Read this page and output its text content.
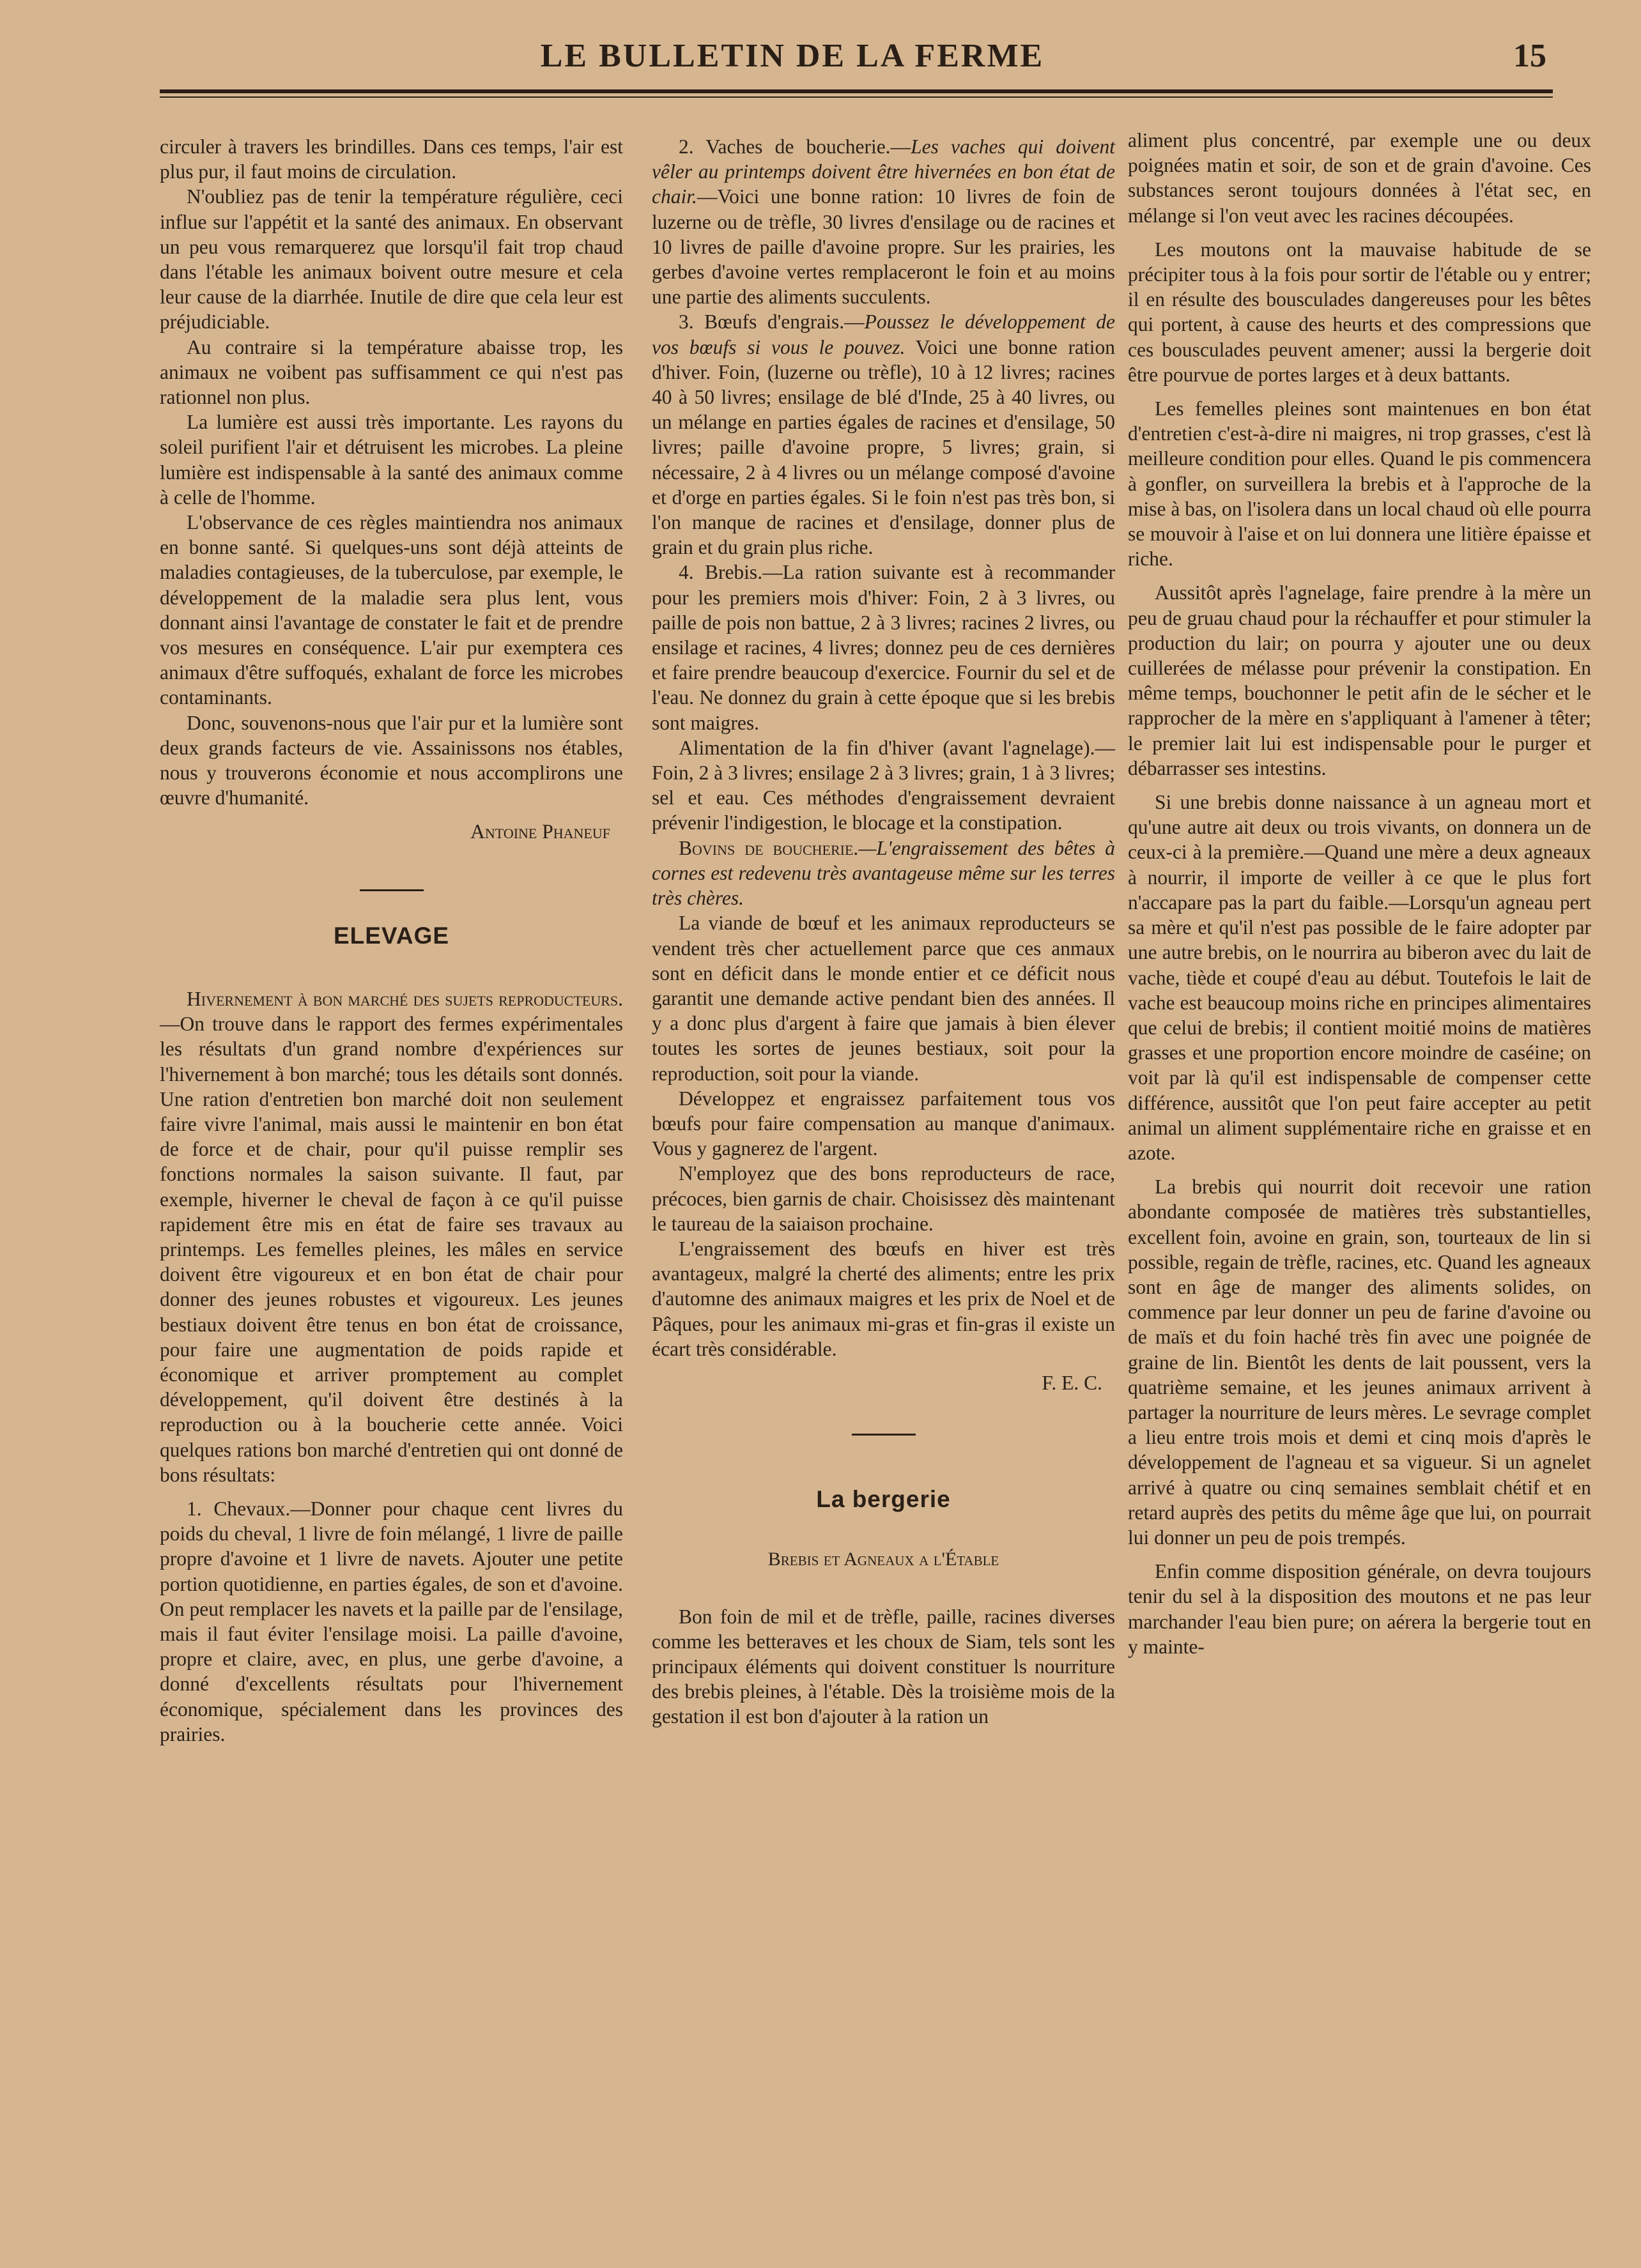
LE BULLETIN DE LA FERME	15

circuler à travers les brindilles. Dans ces temps, l'air est plus pur, il faut moins de circulation.

N'oubliez pas de tenir la température régulière, ceci influe sur l'appétit et la santé des animaux. En observant un peu vous remarquerez que lorsqu'il fait trop chaud dans l'étable les animaux boivent outre mesure et cela leur cause de la diarrhée. Inutile de dire que cela leur est préjudiciable.

Au contraire si la température abaisse trop, les animaux ne voibent pas suffisamment ce qui n'est pas rationnel non plus.

La lumière est aussi très importante. Les rayons du soleil purifient l'air et détruisent les microbes. La pleine lumière est indispensable à la santé des animaux comme à celle de l'homme.

L'observance de ces règles maintiendra nos animaux en bonne santé. Si quelques-uns sont déjà atteints de maladies contagieuses, de la tuberculose, par exemple, le développement de la maladie sera plus lent, vous donnant ainsi l'avantage de constater le fait et de prendre vos mesures en conséquence. L'air pur exemptera ces animaux d'être suffoqués, exhalant de force les microbes contaminants.

Donc, souvenons-nous que l'air pur et la lumière sont deux grands facteurs de vie. Assainissons nos étables, nous y trouverons économie et nous accomplirons une œuvre d'humanité.

Antoine Phaneuf
ELEVAGE

Hivernement à bon marché des sujets reproducteurs.—On trouve dans le rapport des fermes expérimentales les résultats d'un grand nombre d'expériences sur l'hivernement à bon marché; tous les détails sont donnés. Une ration d'entretien bon marché doit non seulement faire vivre l'animal, mais aussi le maintenir en bon état de force et de chair, pour qu'il puisse remplir ses fonctions normales la saison suivante. Il faut, par exemple, hiverner le cheval de façon à ce qu'il puisse rapidement être mis en état de faire ses travaux au printemps. Les femelles pleines, les mâles en service doivent être vigoureux et en bon état de chair pour donner des jeunes robustes et vigoureux. Les jeunes bestiaux doivent être tenus en bon état de croissance, pour faire une augmentation de poids rapide et économique et arriver promptement au complet développement, qu'il doivent être destinés à la reproduction ou à la boucherie cette année. Voici quelques rations bon marché d'entretien qui ont donné de bons résultats:

1. Chevaux.—Donner pour chaque cent livres du poids du cheval, 1 livre de foin mélangé, 1 livre de paille propre d'avoine et 1 livre de navets. Ajouter une petite portion quotidienne, en parties égales, de son et d'avoine. On peut remplacer les navets et la paille par de l'ensilage, mais il faut éviter l'ensilage moisi. La paille d'avoine, propre et claire, avec, en plus, une gerbe d'avoine, a donné d'excellents résultats pour l'hivernement économique, spécialement dans les provinces des prairies.

2. Vaches de boucherie.—Les vaches qui doivent vêler au printemps doivent être hivernées en bon état de chair.—Voici une bonne ration: 10 livres de foin de luzerne ou de trèfle, 30 livres d'ensilage ou de racines et 10 livres de paille d'avoine propre. Sur les prairies, les gerbes d'avoine vertes remplaceront le foin et au moins une partie des aliments succulents.

3. Bœufs d'engrais.—Poussez le développement de vos bœufs si vous le pouvez. Voici une bonne ration d'hiver. Foin, (luzerne ou trèfle), 10 à 12 livres; racines 40 à 50 livres; ensilage de blé d'Inde, 25 à 40 livres, ou un mélange en parties égales de racines et d'ensilage, 50 livres; paille d'avoine propre, 5 livres; grain, si nécessaire, 2 à 4 livres ou un mélange composé d'avoine et d'orge en parties égales. Si le foin n'est pas très bon, si l'on manque de racines et d'ensilage, donner plus de grain et du grain plus riche.

4. Brebis.—La ration suivante est à recommander pour les premiers mois d'hiver: Foin, 2 à 3 livres, ou paille de pois non battue, 2 à 3 livres; racines 2 livres, ou ensilage et racines, 4 livres; donnez peu de ces dernières et faire prendre beaucoup d'exercice. Fournir du sel et de l'eau. Ne donnez du grain à cette époque que si les brebis sont maigres.

Alimentation de la fin d'hiver (avant l'agnelage).—Foin, 2 à 3 livres; ensilage 2 à 3 livres; grain, 1 à 3 livres; sel et eau. Ces méthodes d'engraissement devraient prévenir l'indigestion, le blocage et la constipation.

Bovins de boucherie.—L'engraissement des bêtes à cornes est redevenu très avantageuse même sur les terres très chères.

La viande de bœuf et les animaux reproducteurs se vendent très cher actuellement parce que ces anmaux sont en déficit dans le monde entier et ce déficit nous garantit une demande active pendant bien des années. Il y a donc plus d'argent à faire que jamais à bien élever toutes les sortes de jeunes bestiaux, soit pour la reproduction, soit pour la viande.

Développez et engraissez parfaitement tous vos bœufs pour faire compensation au manque d'animaux. Vous y gagnerez de l'argent.

N'employez que des bons reproducteurs de race, précoces, bien garnis de chair. Choisissez dès maintenant le taureau de la saiaison prochaine.

L'engraissement des bœufs en hiver est très avantageux, malgré la cherté des aliments; entre les prix d'automne des animaux maigres et les prix de Noel et de Pâques, pour les animaux mi-gras et fin-gras il existe un écart très considérable.

F. E. C.
La bergerie
Brebis et Agneaux a l'Étable

Bon foin de mil et de trèfle, paille, racines diverses comme les betteraves et les choux de Siam, tels sont les principaux éléments qui doivent constituer ls nourriture des brebis pleines, à l'étable. Dès la troisième mois de la gestation il est bon d'ajouter à la ration un

aliment plus concentré, par exemple une ou deux poignées matin et soir, de son et de grain d'avoine. Ces substances seront toujours données à l'état sec, en mélange si l'on veut avec les racines découpées.

Les moutons ont la mauvaise habitude de se précipiter tous à la fois pour sortir de l'étable ou y entrer; il en résulte des bousculades dangereuses pour les bêtes qui portent, à cause des heurts et des compressions que ces bousculades peuvent amener; aussi la bergerie doit être pourvue de portes larges et à deux battants.

Les femelles pleines sont maintenues en bon état d'entretien c'est-à-dire ni maigres, ni trop grasses, c'est là meilleure condition pour elles. Quand le pis commencera à gonfler, on surveillera la brebis et à l'approche de la mise à bas, on l'isolera dans un local chaud où elle pourra se mouvoir à l'aise et on lui donnera une litière épaisse et riche.

Aussitôt après l'agnelage, faire prendre à la mère un peu de gruau chaud pour la réchauffer et pour stimuler la production du lair; on pourra y ajouter une ou deux cuillerées de mélasse pour prévenir la constipation. En même temps, bouchonner le petit afin de le sécher et le rapprocher de la mère en s'appliquant à l'amener à têter; le premier lait lui est indispensable pour le purger et débarrasser ses intestins.

Si une brebis donne naissance à un agneau mort et qu'une autre ait deux ou trois vivants, on donnera un de ceux-ci à la première.—Quand une mère a deux agneaux à nourrir, il importe de veiller à ce que le plus fort n'accapare pas la part du faible.—Lorsqu'un agneau pert sa mère et qu'il n'est pas possible de le faire adopter par une autre brebis, on le nourrira au biberon avec du lait de vache, tiède et coupé d'eau au début. Toutefois le lait de vache est beaucoup moins riche en principes alimentaires que celui de brebis; il contient moitié moins de matières grasses et une proportion encore moindre de caséine; on voit par là qu'il est indispensable de compenser cette différence, aussitôt que l'on peut faire accepter au petit animal un aliment supplémentaire riche en graisse et en azote.

La brebis qui nourrit doit recevoir une ration abondante composée de matières très substantielles, excellent foin, avoine en grain, son, tourteaux de lin si possible, regain de trèfle, racines, etc. Quand les agneaux sont en âge de manger des aliments solides, on commence par leur donner un peu de farine d'avoine ou de maïs et du foin haché très fin avec une poignée de graine de lin. Bientôt les dents de lait poussent, vers la quatrième semaine, et les jeunes animaux arrivent à partager la nourriture de leurs mères. Le sevrage complet a lieu entre trois mois et demi et cinq mois d'après le développement de l'agneau et sa vigueur. Si un agnelet arrivé à quatre ou cinq semaines semblait chétif et en retard auprès des petits du même âge que lui, on pourrait lui donner un peu de pois trempés.

Enfin comme disposition générale, on devra toujours tenir du sel à la disposition des moutons et ne pas leur marchander l'eau bien pure; on aérera la bergerie tout en y mainte-
